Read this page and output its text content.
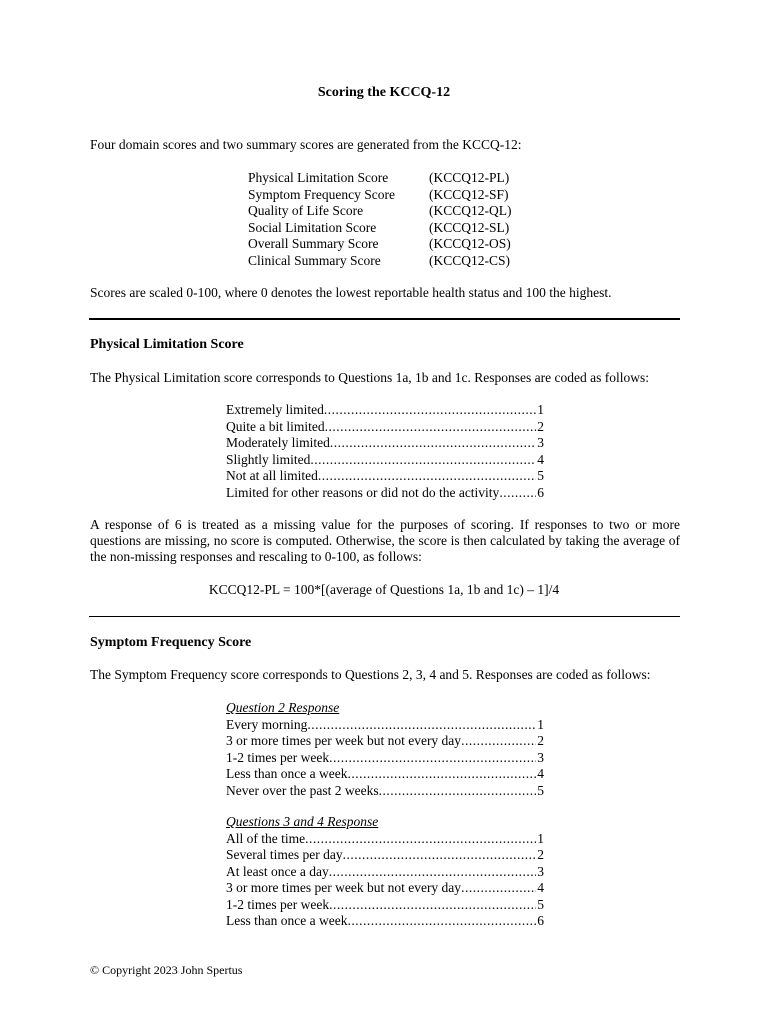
Scoring the KCCQ-12
Four domain scores and two summary scores are generated from the KCCQ-12:
Physical Limitation Score	(KCCQ12-PL)
Symptom Frequency Score	(KCCQ12-SF)
Quality of Life Score	(KCCQ12-QL)
Social Limitation Score	(KCCQ12-SL)
Overall Summary Score	(KCCQ12-OS)
Clinical Summary Score	(KCCQ12-CS)
Scores are scaled 0-100, where 0 denotes the lowest reportable health status and 100 the highest.
Physical Limitation Score
The Physical Limitation score corresponds to Questions 1a, 1b and 1c. Responses are coded as follows:
Extremely limited .....	1
Quite a bit limited .....	2
Moderately limited .....	3
Slightly limited .....	4
Not at all limited .....	5
Limited for other reasons or did not do the activity .....	6
A response of 6 is treated as a missing value for the purposes of scoring. If responses to two or more questions are missing, no score is computed. Otherwise, the score is then calculated by taking the average of the non-missing responses and rescaling to 0-100, as follows:
KCCQ12-PL = 100*[(average of Questions 1a, 1b and 1c) – 1]/4
Symptom Frequency Score
The Symptom Frequency score corresponds to Questions 2, 3, 4 and 5. Responses are coded as follows:
Question 2 Response
Every morning .....	1
3 or more times per week but not every day .....	2
1-2 times per week .....	3
Less than once a week .....	4
Never over the past 2 weeks .....	5
Questions 3 and 4 Response
All of the time .....	1
Several times per day .....	2
At least once a day .....	3
3 or more times per week but not every day .....	4
1-2 times per week .....	5
Less than once a week .....	6
© Copyright 2023 John Spertus
